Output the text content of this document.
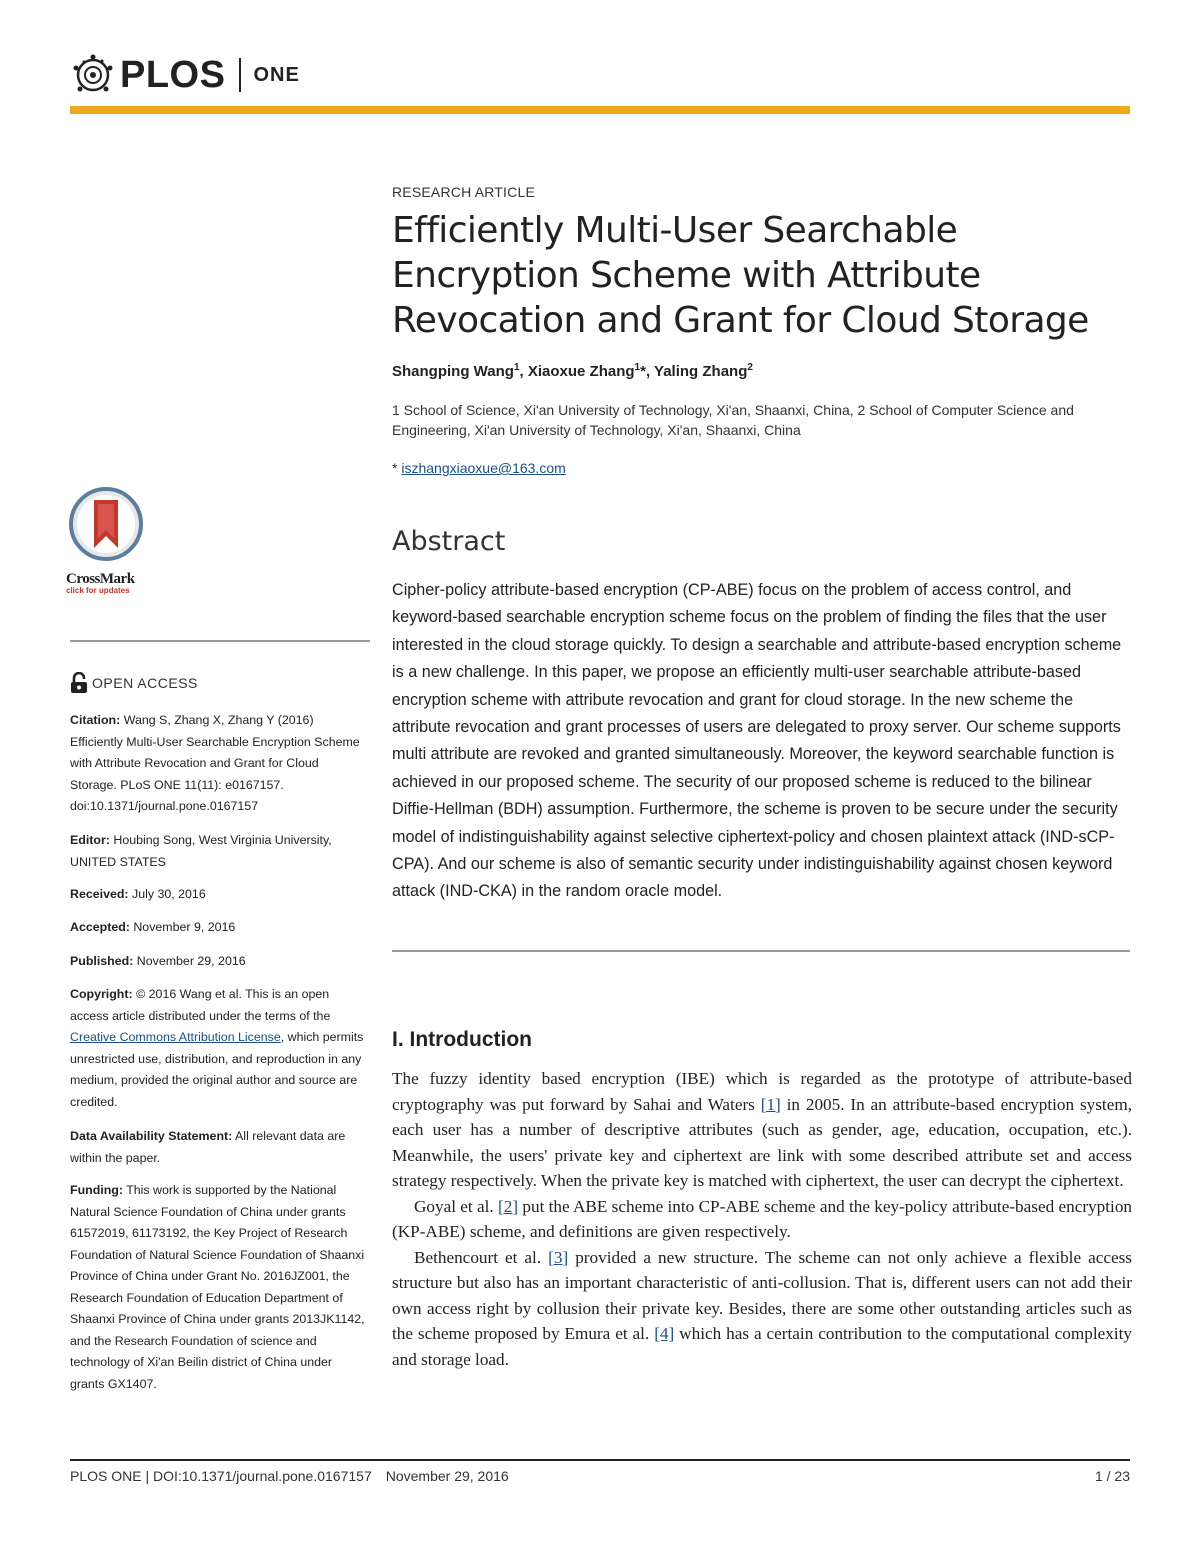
PLOS ONE
CrossMark
click for updates
OPEN ACCESS
Citation: Wang S, Zhang X, Zhang Y (2016) Efficiently Multi-User Searchable Encryption Scheme with Attribute Revocation and Grant for Cloud Storage. PLoS ONE 11(11): e0167157. doi:10.1371/journal.pone.0167157
Editor: Houbing Song, West Virginia University, UNITED STATES
Received: July 30, 2016
Accepted: November 9, 2016
Published: November 29, 2016
Copyright: © 2016 Wang et al. This is an open access article distributed under the terms of the Creative Commons Attribution License, which permits unrestricted use, distribution, and reproduction in any medium, provided the original author and source are credited.
Data Availability Statement: All relevant data are within the paper.
Funding: This work is supported by the National Natural Science Foundation of China under grants 61572019, 61173192, the Key Project of Research Foundation of Natural Science Foundation of Shaanxi Province of China under Grant No. 2016JZ001, the Research Foundation of Education Department of Shaanxi Province of China under grants 2013JK1142, and the Research Foundation of science and technology of Xi'an Beilin district of China under grants GX1407.
RESEARCH ARTICLE
Efficiently Multi-User Searchable Encryption Scheme with Attribute Revocation and Grant for Cloud Storage
Shangping Wang$^1$, Xiaoxue Zhang$^1$*, Yaling Zhang$^2$
1 School of Science, Xi'an University of Technology, Xi'an, Shaanxi, China, 2 School of Computer Science and Engineering, Xi'an University of Technology, Xi'an, Shaanxi, China
* iszhangxiaoxue@163.com
Abstract
Cipher-policy attribute-based encryption (CP-ABE) focus on the problem of access control, and keyword-based searchable encryption scheme focus on the problem of finding the files that the user interested in the cloud storage quickly. To design a searchable and attribute-based encryption scheme is a new challenge. In this paper, we propose an efficiently multi-user searchable attribute-based encryption scheme with attribute revocation and grant for cloud storage. In the new scheme the attribute revocation and grant processes of users are delegated to proxy server. Our scheme supports multi attribute are revoked and granted simultaneously. Moreover, the keyword searchable function is achieved in our proposed scheme. The security of our proposed scheme is reduced to the bilinear Diffie-Hellman (BDH) assumption. Furthermore, the scheme is proven to be secure under the security model of indistinguishability against selective ciphertext-policy and chosen plaintext attack (IND-sCP-CPA). And our scheme is also of semantic security under indistinguishability against chosen keyword attack (IND-CKA) in the random oracle model.
I. Introduction

The fuzzy identity based encryption (IBE) which is regarded as the prototype of attribute-based cryptography was put forward by Sahai and Waters [1] in 2005. In an attribute-based encryption system, each user has a number of descriptive attributes (such as gender, age, education, occupation, etc.). Meanwhile, the users' private key and ciphertext are link with some described attribute set and access strategy respectively. When the private key is matched with ciphertext, the user can decrypt the ciphertext.

Goyal et al. [2] put the ABE scheme into CP-ABE scheme and the key-policy attribute-based encryption (KP-ABE) scheme, and definitions are given respectively.

Bethencourt et al. [3] provided a new structure. The scheme can not only achieve a flexible access structure but also has an important characteristic of anti-collusion. That is, different users can not add their own access right by collusion their private key. Besides, there are some other outstanding articles such as the scheme proposed by Emura et al. [4] which has a certain contribution to the computational complexity and storage load.

PLOS ONE | DOI:10.1371/journal.pone.0167157 November 29, 2016	1 / 23
